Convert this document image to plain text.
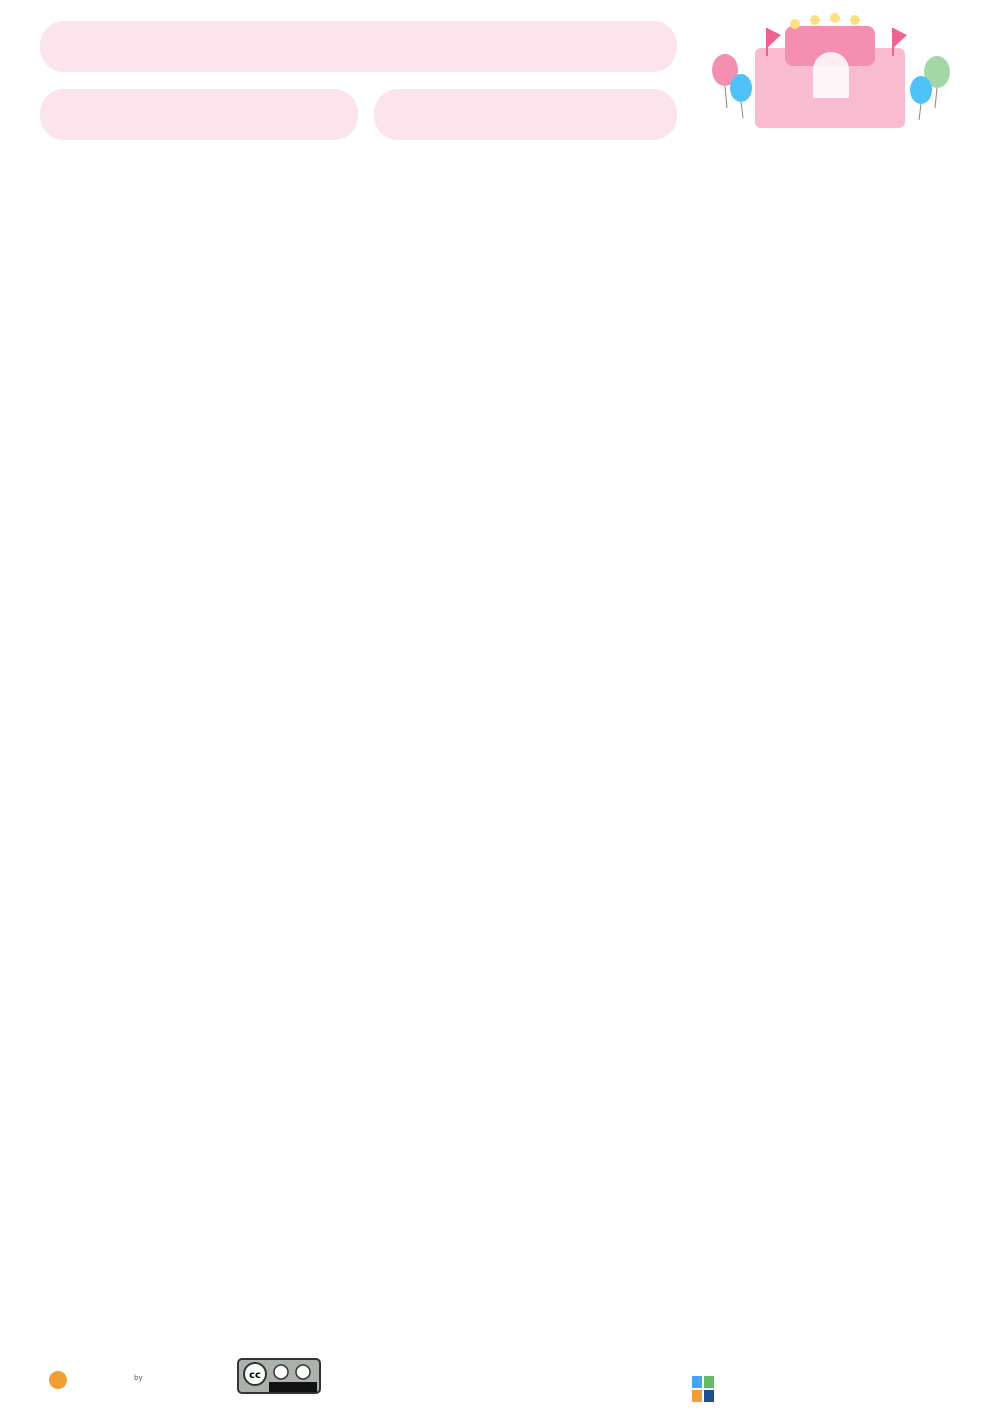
by	cc
